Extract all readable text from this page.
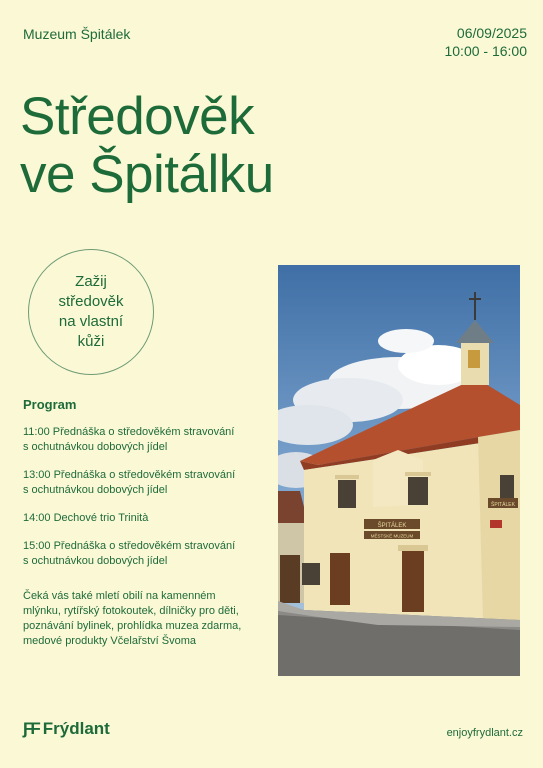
Muzeum Špitálek	06/09/2025
10:00 - 16:00
Středověk
ve Špitálku
Zažij
středověk
na vlastní
kůži
Program
11:00 Přednáška o středověkém stravování
s ochutnávkou dobových jídel
13:00 Přednáška o středověkém stravování
s ochutnávkou dobových jídel
14:00 Dechové trio Trinità
15:00 Přednáška o středověkém stravování
s ochutnávkou dobových jídel
Čeká vás také mletí obilí na kamenném
mlýnku, rytířský fotokoutek, dílničky pro děti,
poznávání bylinek, prohlídka muzea zdarma,
medové produkty Včelařství Švoma
ŠPITÁLEK
MĚSTSKÉ MUZEUM
ŠPITÁLEK
ƑF Frýdlant	enjoyfrydlant.cz
